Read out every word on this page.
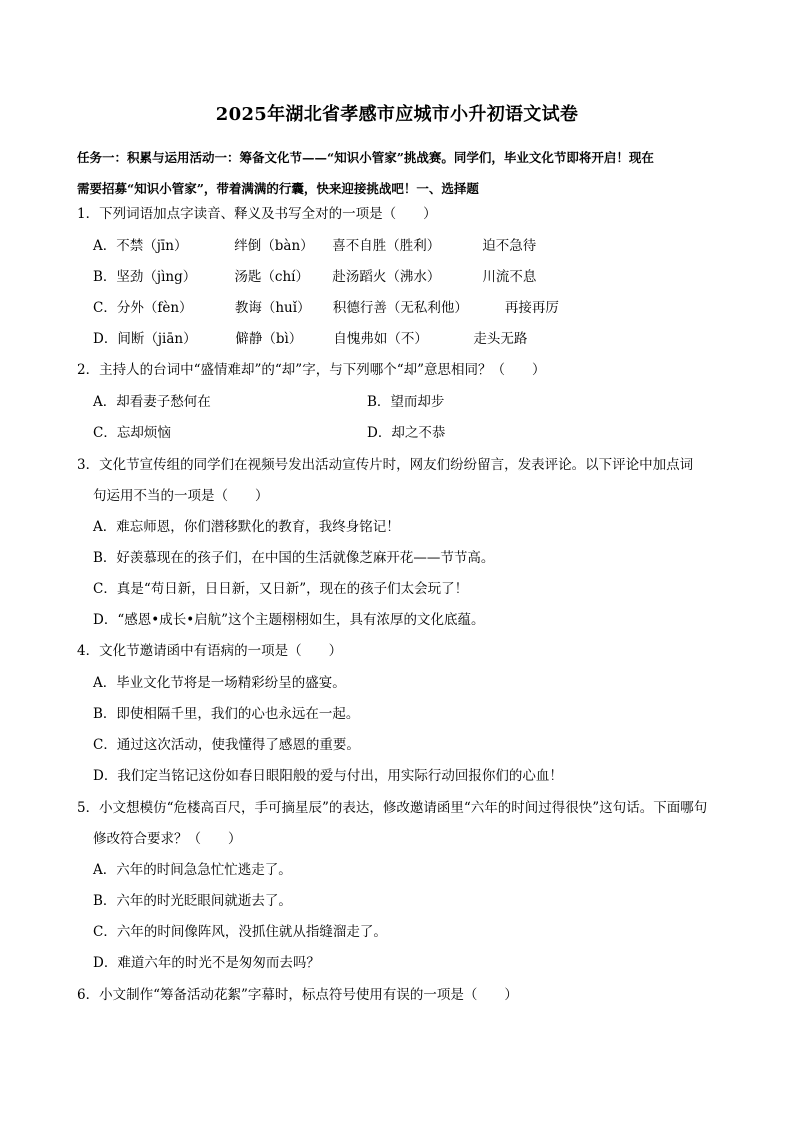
2025年湖北省孝感市应城市小升初语文试卷
任务一：积累与运用活动一：筹备文化节——“知识小管家”挑战赛。同学们，毕业文化节即将开启！现在
需要招募“知识小管家”，带着满满的行囊，快来迎接挑战吧！一、选择题
1．下列词语加点字读音、释义及书写全对的一项是（　　）
A．不禁（jīn）	绊倒（bàn） 喜不自胜（胜利）	迫不急待
B．坚劲（jìng）	汤匙（chí） 赴汤蹈火（沸水）	川流不息
C．分外（fèn）	教诲（huǐ） 积德行善（无私利他）	再接再厉
D．间断（jiān）	僻静（bì） 自愧弗如（不）	走头无路
2．主持人的台词中“盛情难却”的“却”字，与下列哪个“却”意思相同？（　　）
A．却看妻子愁何在	B．望而却步
C．忘却烦恼	D．却之不恭
3．文化节宣传组的同学们在视频号发出活动宣传片时，网友们纷纷留言，发表评论。以下评论中加点词
句运用不当的一项是（　　）
A．难忘师恩，你们潜移默化的教育，我终身铭记！
B．好羡慕现在的孩子们，在中国的生活就像芝麻开花——节节高。
C．真是“苟日新，日日新，又日新”，现在的孩子们太会玩了！
D．“感恩•成长•启航”这个主题栩栩如生，具有浓厚的文化底蕴。
4．文化节邀请函中有语病的一项是（　　）
A．毕业文化节将是一场精彩纷呈的盛宴。
B．即使相隔千里，我们的心也永远在一起。
C．通过这次活动，使我懂得了感恩的重要。
D．我们定当铭记这份如春日眼阳般的爱与付出，用实际行动回报你们的心血！
5．小文想模仿“危楼高百尺，手可摘星辰”的表达，修改邀请函里“六年的时间过得很快”这句话。下面哪句
修改符合要求？（　　）
A．六年的时间急急忙忙逃走了。
B．六年的时光眨眼间就逝去了。
C．六年的时间像阵风，没抓住就从指缝溜走了。
D．难道六年的时光不是匆匆而去吗？
6．小文制作“筹备活动花絮”字幕时，标点符号使用有误的一项是（　　）
